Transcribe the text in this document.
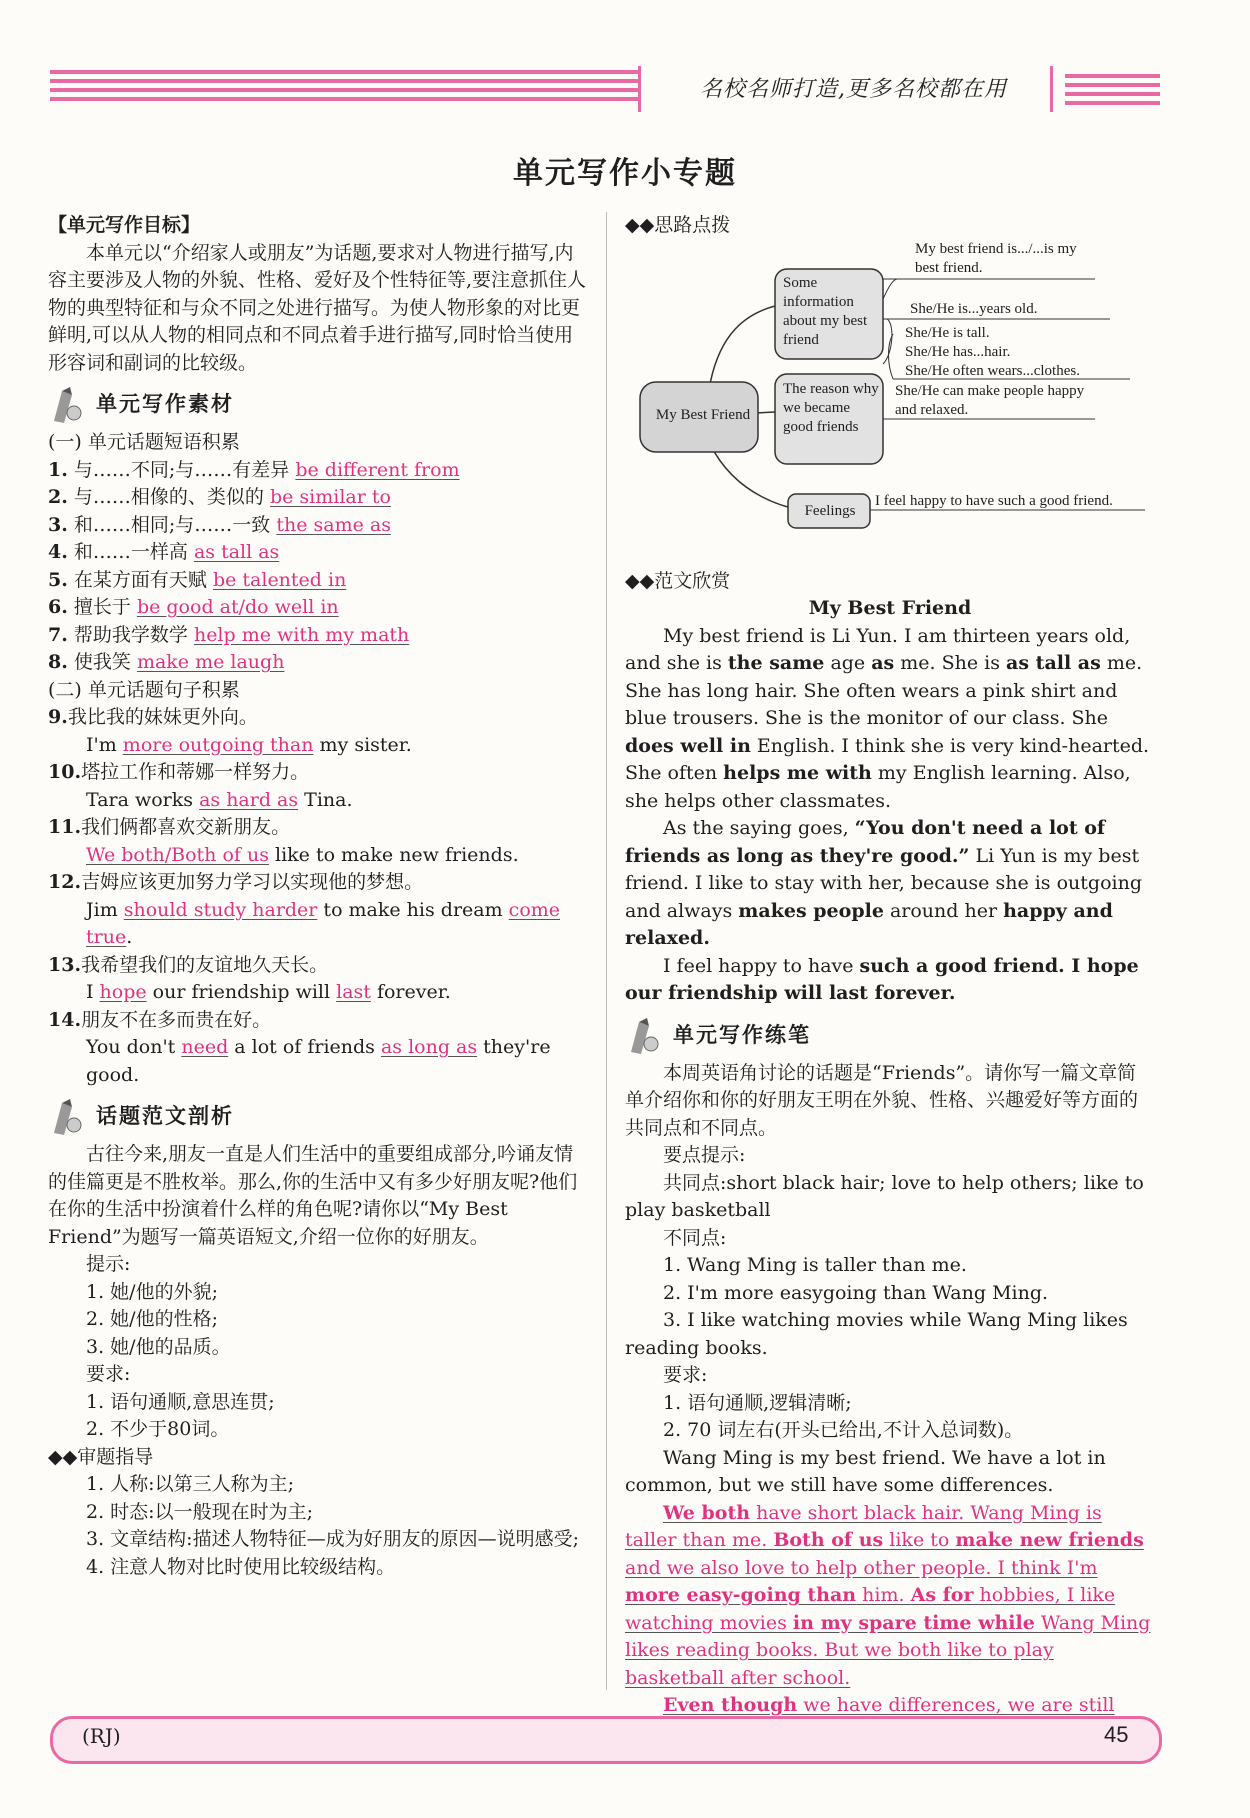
名校名师打造,更多名校都在用
单元写作小专题

【单元写作目标】

本单元以“介绍家人或朋友”为话题,要求对人物进行描写,内容主要涉及人物的外貌、性格、爱好及个性特征等,要注意抓住人物的典型特征和与众不同之处进行描写。为使人物形象的对比更鲜明,可以从人物的相同点和不同点着手进行描写,同时恰当使用形容词和副词的比较级。

单元写作素材

(一) 单元话题短语积累

1. 与……不同;与……有差异 be different from

2. 与……相像的、类似的 be similar to

3. 和……相同;与……一致 the same as

4. 和……一样高 as tall as

5. 在某方面有天赋 be talented in

6. 擅长于 be good at/do well in

7. 帮助我学数学 help me with my math

8. 使我笑 make me laugh

(二) 单元话题句子积累

9.我比我的妹妹更外向。

I'm more outgoing than my sister.

10.塔拉工作和蒂娜一样努力。

Tara works as hard as Tina.

11.我们俩都喜欢交新朋友。

We both/Both of us like to make new friends.

12.吉姆应该更加努力学习以实现他的梦想。

Jim should study harder to make his dream come true.

13.我希望我们的友谊地久天长。

I hope our friendship will last forever.

14.朋友不在多而贵在好。

You don't need a lot of friends as long as they're good.

话题范文剖析

古往今来,朋友一直是人们生活中的重要组成部分,吟诵友情的佳篇更是不胜枚举。那么,你的生活中又有多少好朋友呢?他们在你的生活中扮演着什么样的角色呢?请你以“My Best Friend”为题写一篇英语短文,介绍一位你的好朋友。

提示:

1. 她/他的外貌;

2. 她/他的性格;

3. 她/他的品质。

要求:

1. 语句通顺,意思连贯;

2. 不少于80词。

◆◆审题指导

1. 人称:以第三人称为主;

2. 时态:以一般现在时为主;

3. 文章结构:描述人物特征—成为好朋友的原因—说明感受;

4. 注意人物对比时使用比较级结构。

◆◆思路点拨

My Best Friend
Some information about my best friend
The reason why we became good friends
Feelings
My best friend is.../...is my best friend.
She/He is...years old.
She/He is tall.
She/He has...hair.
She/He often wears...clothes.
She/He can make people happy and relaxed.
I feel happy to have such a good friend.

◆◆范文欣赏

My Best Friend

My best friend is Li Yun. I am thirteen years old, and she is the same age as me. She is as tall as me. She has long hair. She often wears a pink shirt and blue trousers. She is the monitor of our class. She does well in English. I think she is very kind-hearted. She often helps me with my English learning. Also, she helps other classmates.

As the saying goes, “You don't need a lot of friends as long as they're good.” Li Yun is my best friend. I like to stay with her, because she is outgoing and always makes people around her happy and relaxed.

I feel happy to have such a good friend. I hope our friendship will last forever.

单元写作练笔

本周英语角讨论的话题是“Friends”。请你写一篇文章简单介绍你和你的好朋友王明在外貌、性格、兴趣爱好等方面的共同点和不同点。

要点提示:

共同点:short black hair; love to help others; like to play basketball

不同点:

1. Wang Ming is taller than me.

2. I'm more easygoing than Wang Ming.

3. I like watching movies while Wang Ming likes reading books.

要求:

1. 语句通顺,逻辑清晰;

2. 70 词左右(开头已给出,不计入总词数)。

Wang Ming is my best friend. We have a lot in common, but we still have some differences.

We both have short black hair. Wang Ming is taller than me. Both of us like to make new friends and we also love to help other people. I think I'm more easy-going than him. As for hobbies, I like watching movies in my spare time while Wang Ming likes reading books. But we both like to play basketball after school.

Even though we have differences, we are still

(RJ)	45
